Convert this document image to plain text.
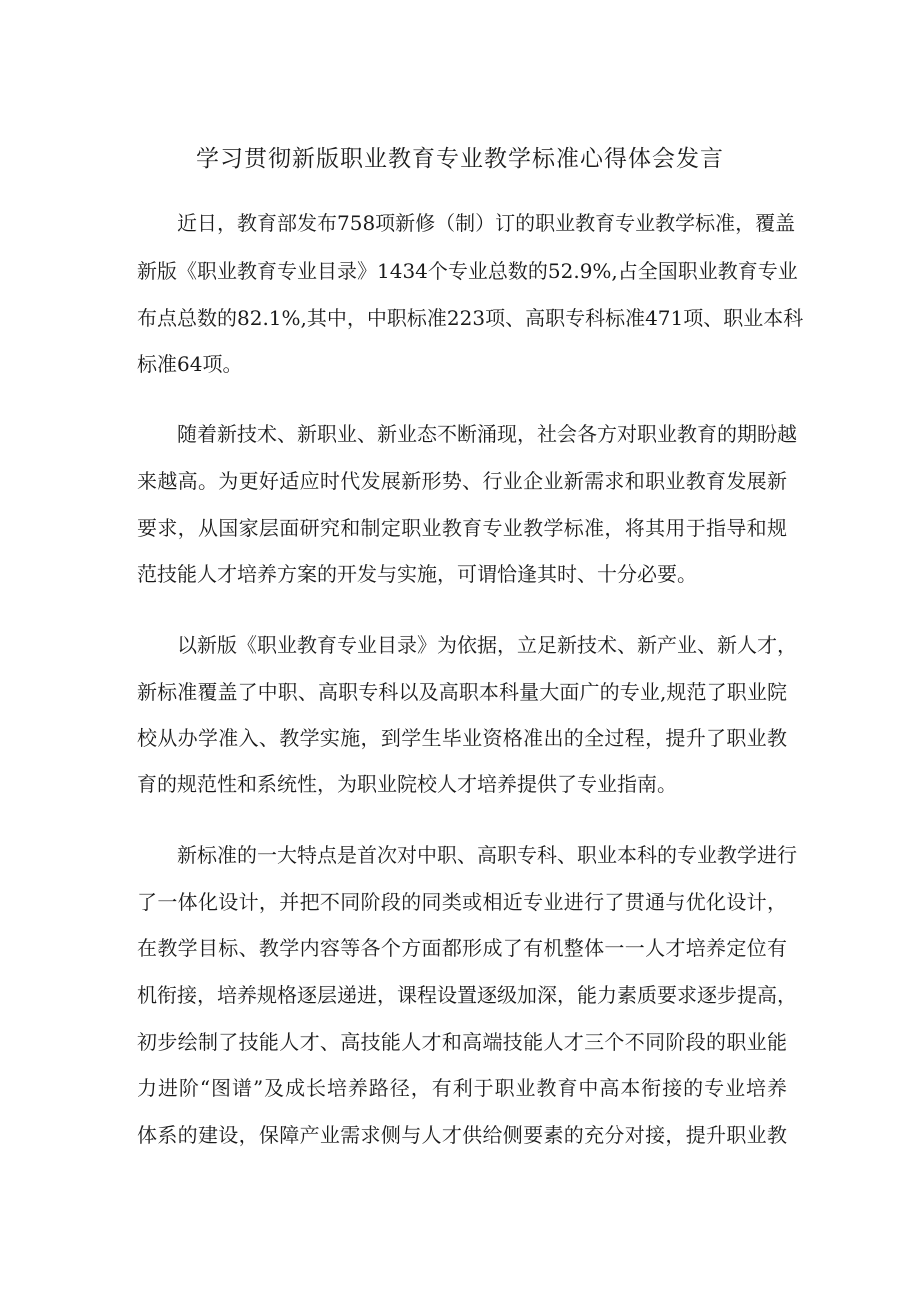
学习贯彻新版职业教育专业教学标准心得体会发言

近日，教育部发布758项新修（制）订的职业教育专业教学标准，覆盖

新版《职业教育专业目录》1434个专业总数的52.9%,占全国职业教育专业

布点总数的82.1%,其中，中职标准223项、高职专科标准471项、职业本科

标准64项。

随着新技术、新职业、新业态不断涌现，社会各方对职业教育的期盼越

来越高。为更好适应时代发展新形势、行业企业新需求和职业教育发展新

要求，从国家层面研究和制定职业教育专业教学标准，将其用于指导和规

范技能人才培养方案的开发与实施，可谓恰逢其时、十分必要。

以新版《职业教育专业目录》为依据，立足新技术、新产业、新人才，

新标准覆盖了中职、高职专科以及高职本科量大面广的专业,规范了职业院

校从办学准入、教学实施，到学生毕业资格准出的全过程，提升了职业教

育的规范性和系统性，为职业院校人才培养提供了专业指南。

新标准的一大特点是首次对中职、高职专科、职业本科的专业教学进行

了一体化设计，并把不同阶段的同类或相近专业进行了贯通与优化设计，

在教学目标、教学内容等各个方面都形成了有机整体一一人才培养定位有

机衔接，培养规格逐层递进，课程设置逐级加深，能力素质要求逐步提高，

初步绘制了技能人才、高技能人才和高端技能人才三个不同阶段的职业能

力进阶“图谱”及成长培养路径，有利于职业教育中高本衔接的专业培养

体系的建设，保障产业需求侧与人才供给侧要素的充分对接，提升职业教
